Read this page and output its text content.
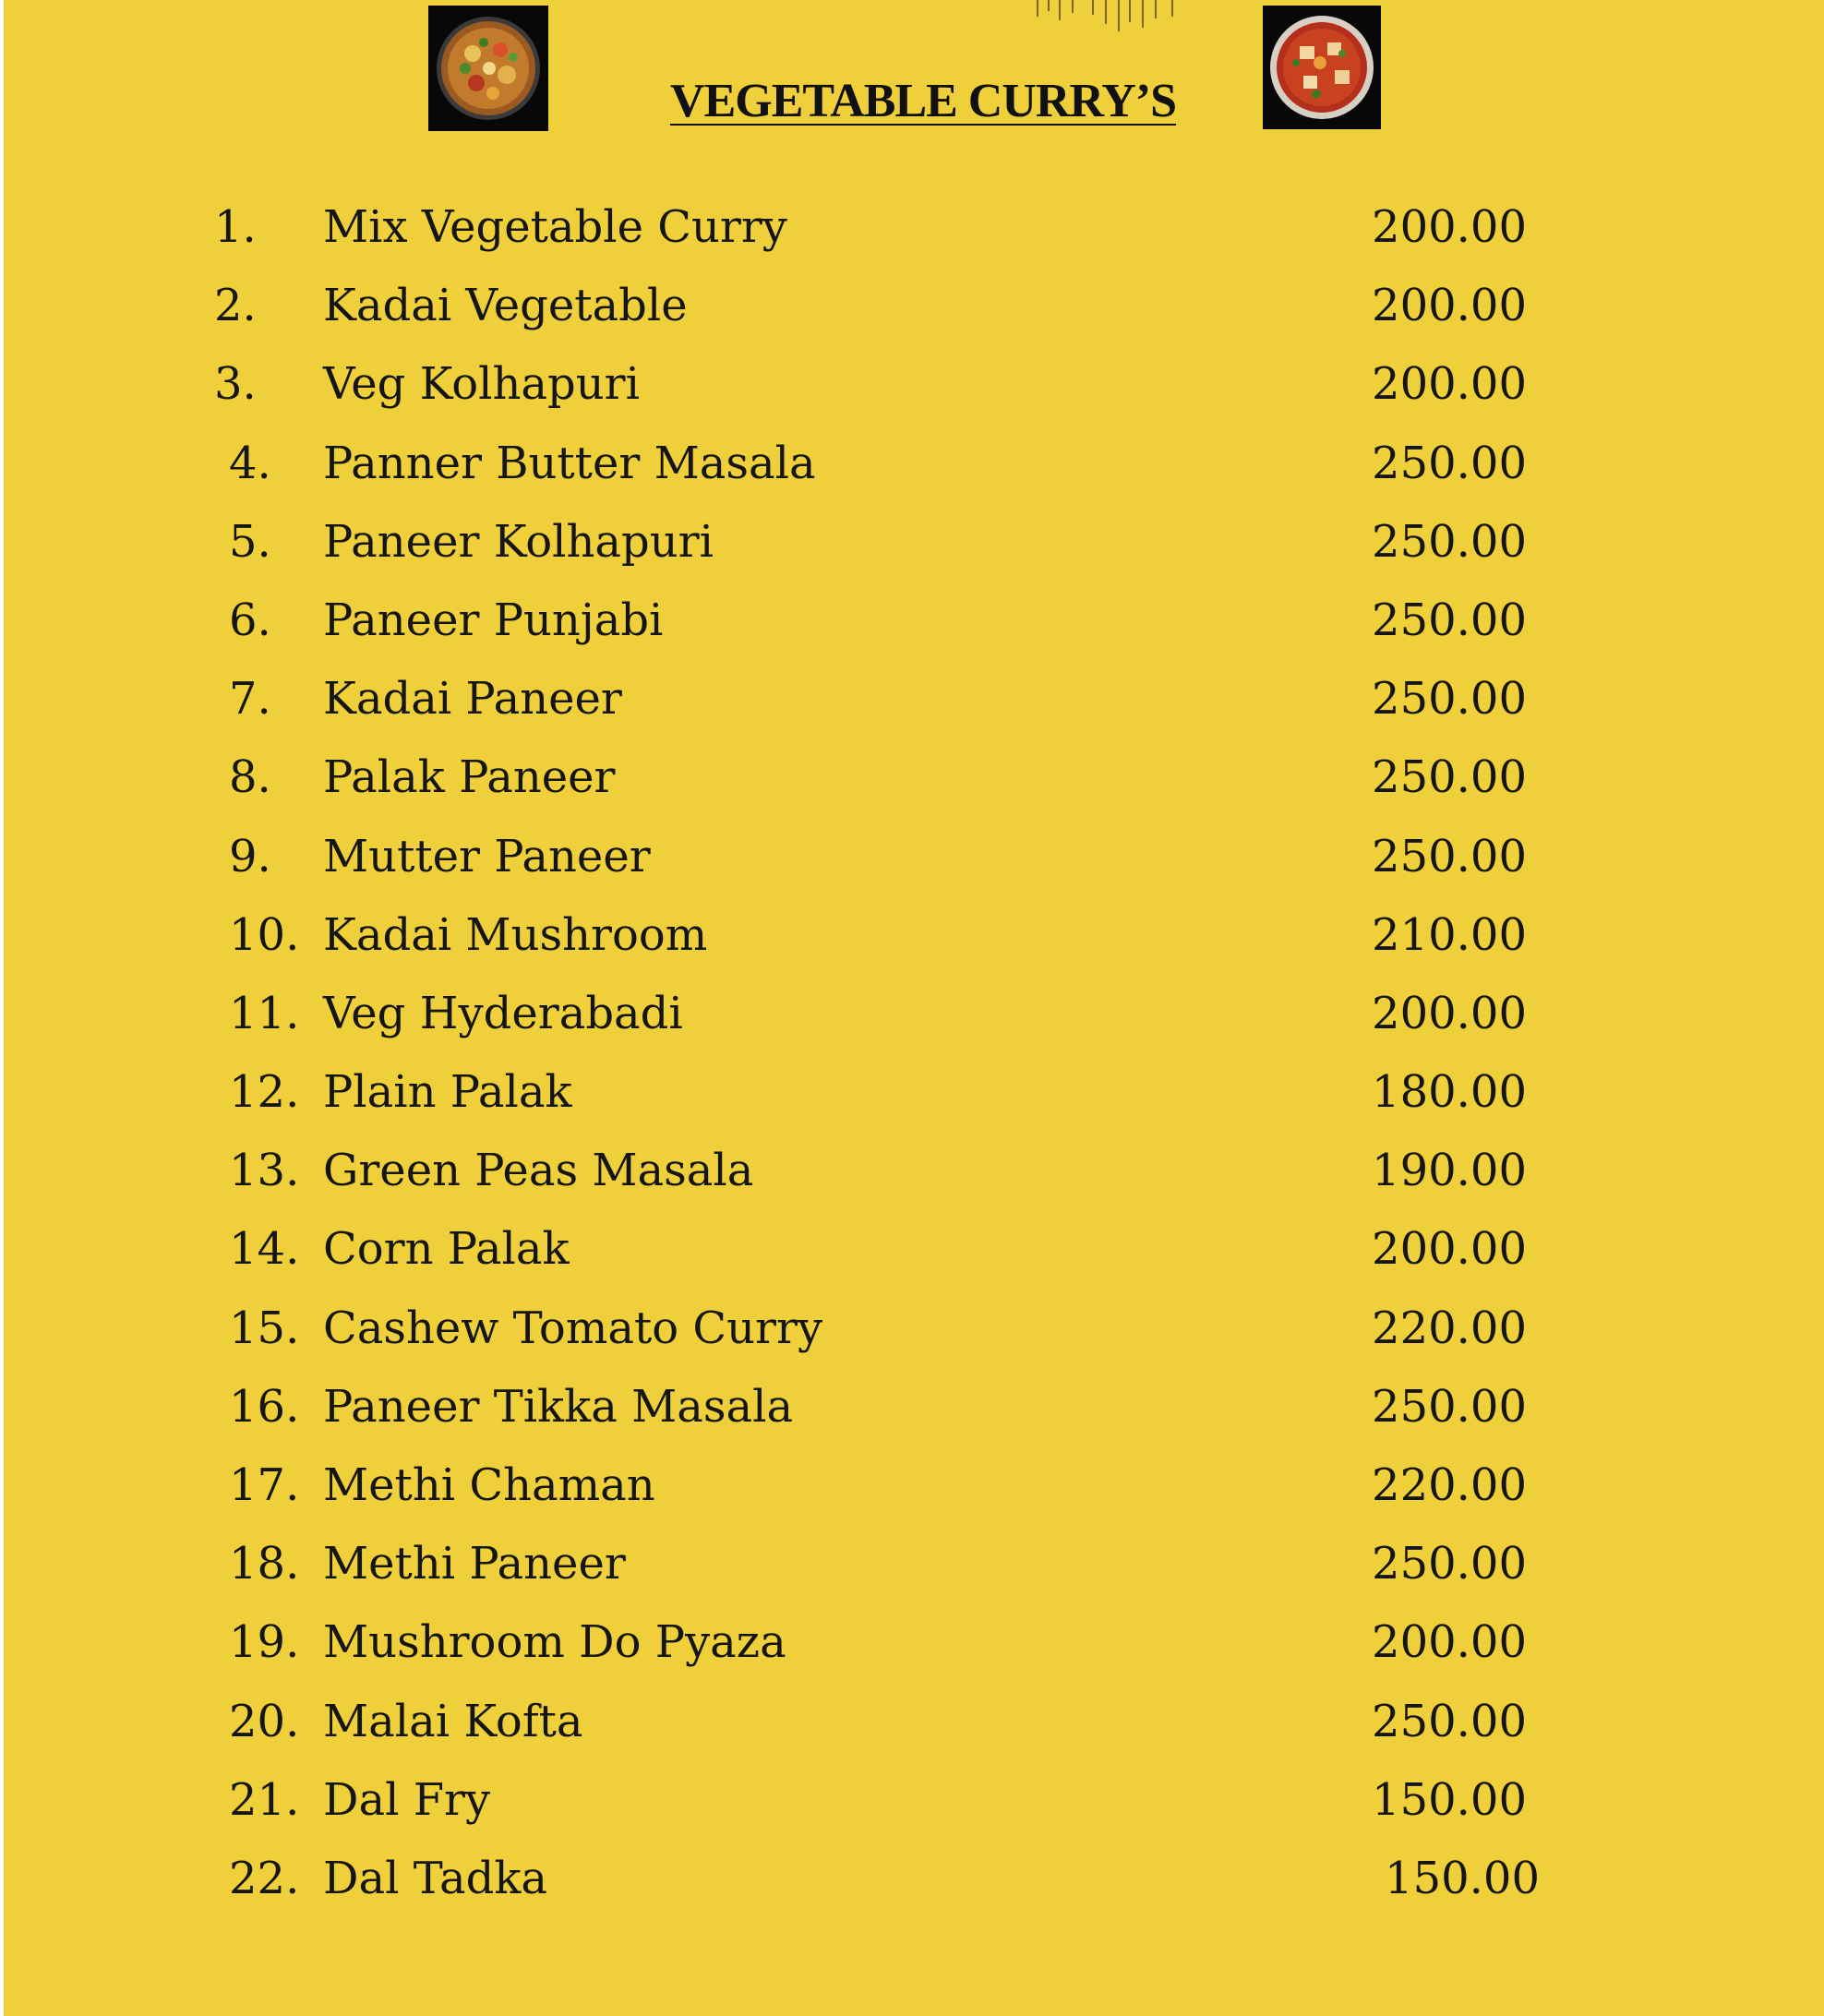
VEGETABLE CURRY’S
1. Mix Vegetable Curry	200.00
2. Kadai Vegetable	200.00
3. Veg Kolhapuri	200.00
4. Panner Butter Masala	250.00
5. Paneer Kolhapuri	250.00
6. Paneer Punjabi	250.00
7. Kadai Paneer	250.00
8. Palak Paneer	250.00
9. Mutter Paneer	250.00
10. Kadai Mushroom	210.00
11. Veg Hyderabadi	200.00
12. Plain Palak	180.00
13. Green Peas Masala	190.00
14. Corn Palak	200.00
15. Cashew Tomato Curry	220.00
16. Paneer Tikka Masala	250.00
17. Methi Chaman	220.00
18. Methi Paneer	250.00
19. Mushroom Do Pyaza	200.00
20. Malai Kofta	250.00
21. Dal Fry	150.00
22. Dal Tadka	150.00
